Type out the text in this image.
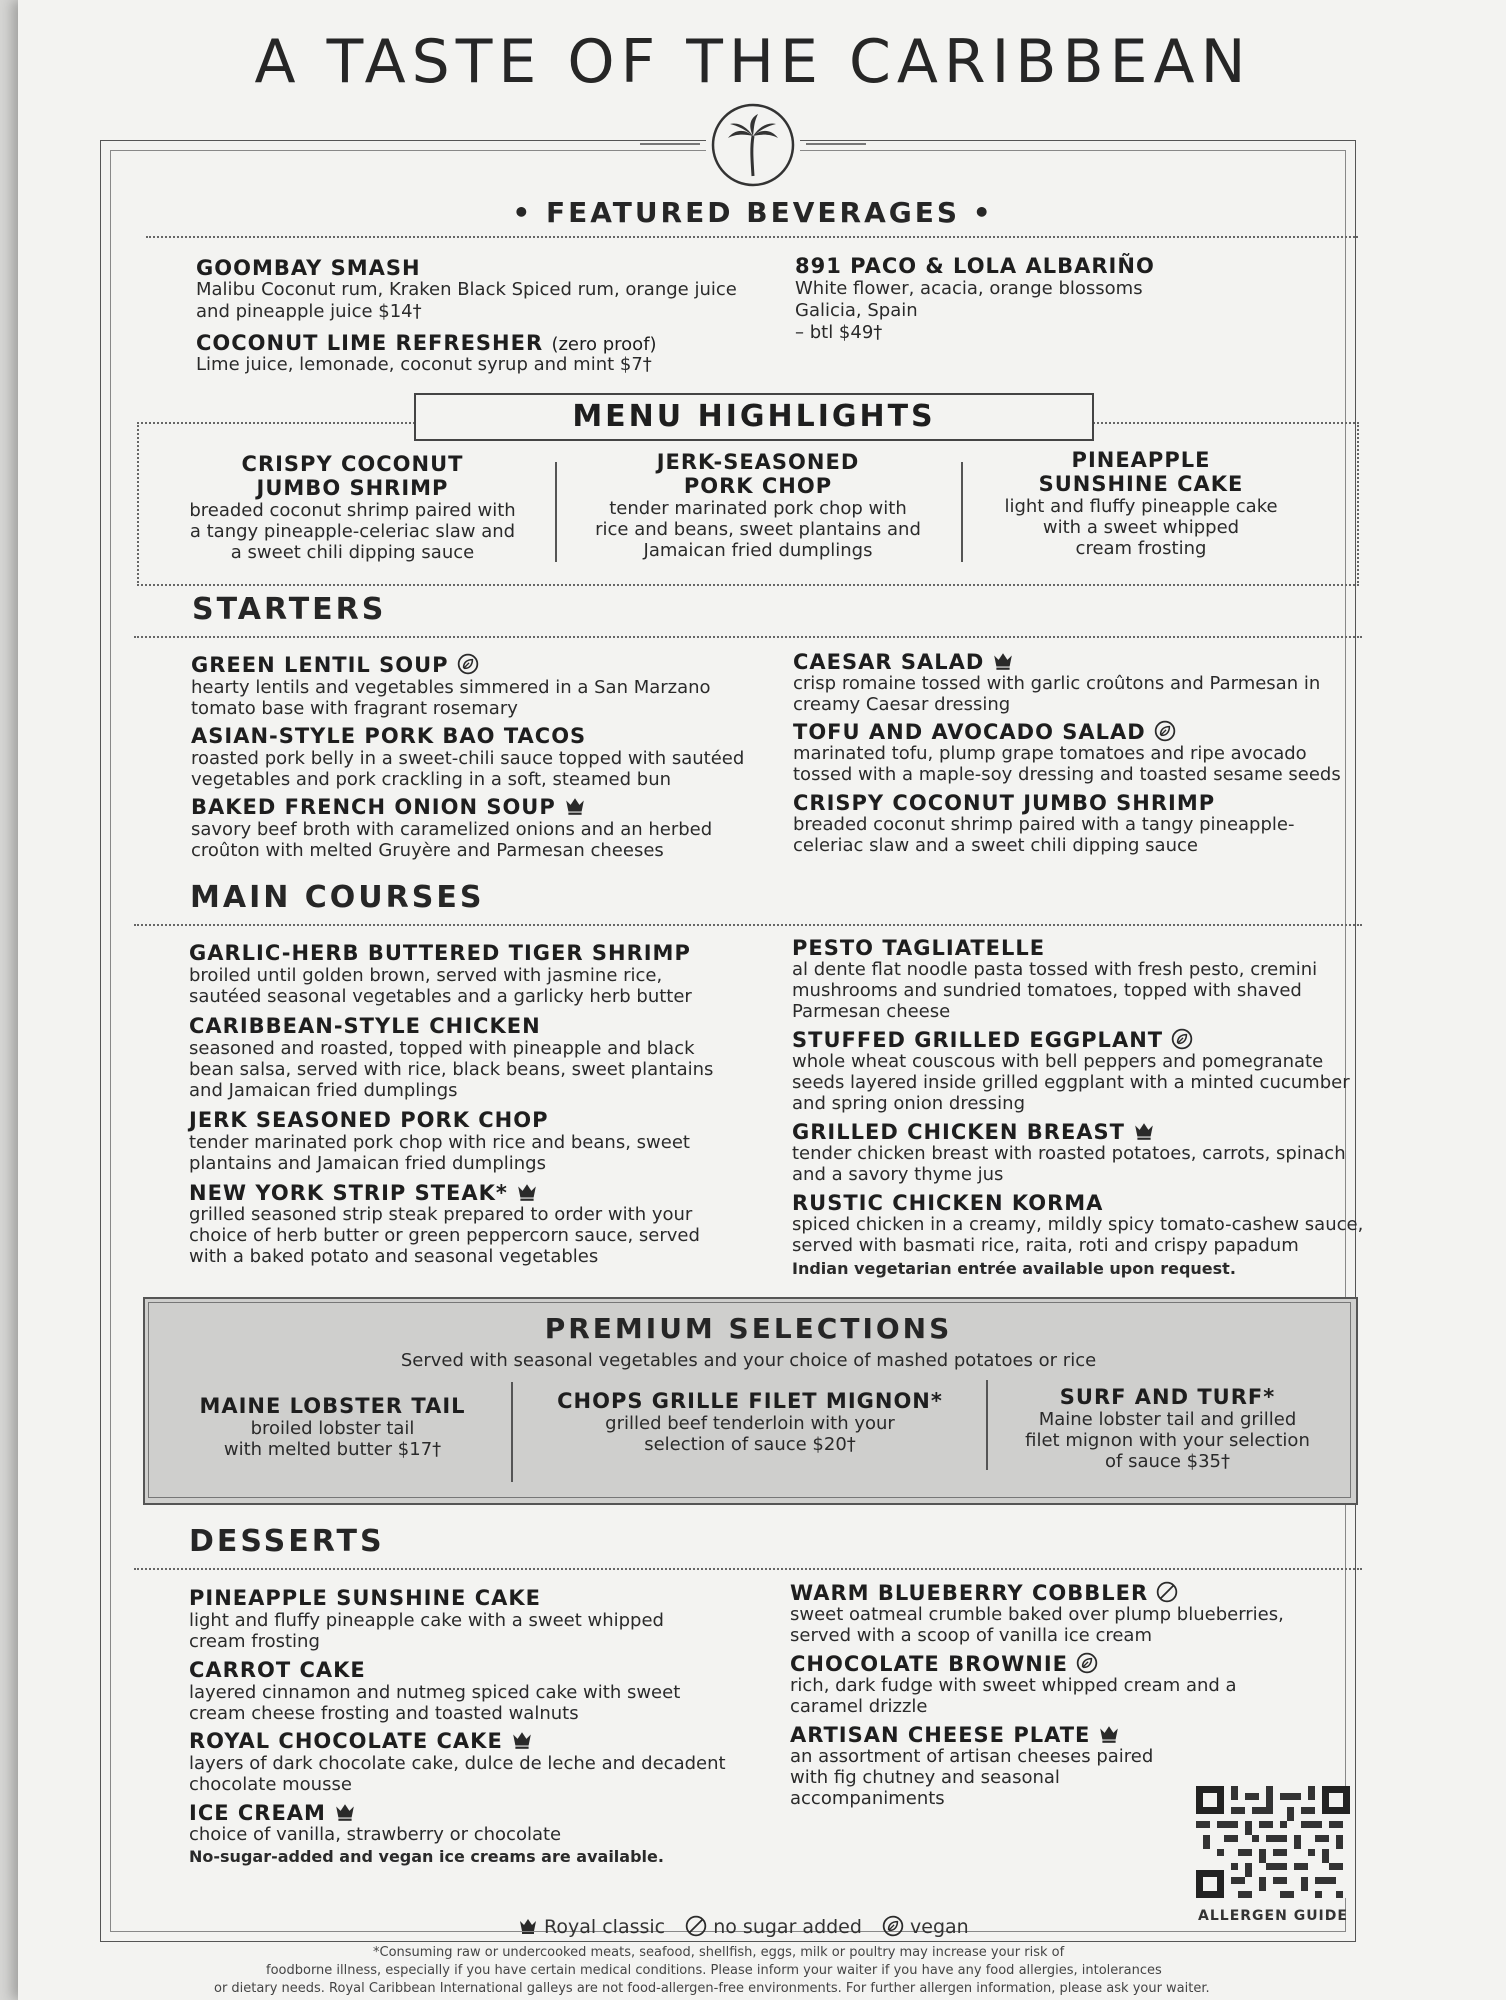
A TASTE OF THE CARIBBEAN
• FEATURED BEVERAGES •
GOOMBAY SMASH
Malibu Coconut rum, Kraken Black Spiced rum, orange juice
and pineapple juice $14†
COCONUT LIME REFRESHER (zero proof)
Lime juice, lemonade, coconut syrup and mint $7†
891 PACO & LOLA ALBARIÑO
White flower, acacia, orange blossoms
Galicia, Spain
– btl $49†
MENU HIGHLIGHTS
CRISPY COCONUT
JUMBO SHRIMP
breaded coconut shrimp paired with
a tangy pineapple-celeriac slaw and
a sweet chili dipping sauce
JERK-SEASONED
PORK CHOP
tender marinated pork chop with
rice and beans, sweet plantains and
Jamaican fried dumplings
PINEAPPLE
SUNSHINE CAKE
light and fluffy pineapple cake
with a sweet whipped
cream frosting
STARTERS
GREEN LENTIL SOUP
hearty lentils and vegetables simmered in a San Marzano
tomato base with fragrant rosemary
ASIAN-STYLE PORK BAO TACOS
roasted pork belly in a sweet-chili sauce topped with sautéed
vegetables and pork crackling in a soft, steamed bun
BAKED FRENCH ONION SOUP
savory beef broth with caramelized onions and an herbed
croûton with melted Gruyère and Parmesan cheeses
CAESAR SALAD
crisp romaine tossed with garlic croûtons and Parmesan in
creamy Caesar dressing
TOFU AND AVOCADO SALAD
marinated tofu, plump grape tomatoes and ripe avocado
tossed with a maple-soy dressing and toasted sesame seeds
CRISPY COCONUT JUMBO SHRIMP
breaded coconut shrimp paired with a tangy pineapple-
celeriac slaw and a sweet chili dipping sauce
MAIN COURSES
GARLIC-HERB BUTTERED TIGER SHRIMP
broiled until golden brown, served with jasmine rice,
sautéed seasonal vegetables and a garlicky herb butter
CARIBBEAN-STYLE CHICKEN
seasoned and roasted, topped with pineapple and black
bean salsa, served with rice, black beans, sweet plantains
and Jamaican fried dumplings
JERK SEASONED PORK CHOP
tender marinated pork chop with rice and beans, sweet
plantains and Jamaican fried dumplings
NEW YORK STRIP STEAK*
grilled seasoned strip steak prepared to order with your
choice of herb butter or green peppercorn sauce, served
with a baked potato and seasonal vegetables
PESTO TAGLIATELLE
al dente flat noodle pasta tossed with fresh pesto, cremini
mushrooms and sundried tomatoes, topped with shaved
Parmesan cheese
STUFFED GRILLED EGGPLANT
whole wheat couscous with bell peppers and pomegranate
seeds layered inside grilled eggplant with a minted cucumber
and spring onion dressing
GRILLED CHICKEN BREAST
tender chicken breast with roasted potatoes, carrots, spinach
and a savory thyme jus
RUSTIC CHICKEN KORMA
spiced chicken in a creamy, mildly spicy tomato-cashew sauce,
served with basmati rice, raita, roti and crispy papadum
Indian vegetarian entrée available upon request.
PREMIUM SELECTIONS
Served with seasonal vegetables and your choice of mashed potatoes or rice
MAINE LOBSTER TAIL
broiled lobster tail
with melted butter $17†
CHOPS GRILLE FILET MIGNON*
grilled beef tenderloin with your
selection of sauce $20†
SURF AND TURF*
Maine lobster tail and grilled
filet mignon with your selection
of sauce $35†
DESSERTS
PINEAPPLE SUNSHINE CAKE
light and fluffy pineapple cake with a sweet whipped
cream frosting
CARROT CAKE
layered cinnamon and nutmeg spiced cake with sweet
cream cheese frosting and toasted walnuts
ROYAL CHOCOLATE CAKE
layers of dark chocolate cake, dulce de leche and decadent
chocolate mousse
ICE CREAM
choice of vanilla, strawberry or chocolate
No-sugar-added and vegan ice creams are available.
WARM BLUEBERRY COBBLER
sweet oatmeal crumble baked over plump blueberries,
served with a scoop of vanilla ice cream
CHOCOLATE BROWNIE
rich, dark fudge with sweet whipped cream and a
caramel drizzle
ARTISAN CHEESE PLATE
an assortment of artisan cheeses paired
with fig chutney and seasonal
accompaniments
ALLERGEN GUIDE
Royal classic	no sugar added	vegan
*Consuming raw or undercooked meats, seafood, shellfish, eggs, milk or poultry may increase your risk of
foodborne illness, especially if you have certain medical conditions. Please inform your waiter if you have any food allergies, intolerances
or dietary needs. Royal Caribbean International galleys are not food-allergen-free environments. For further allergen information, please ask your waiter.
